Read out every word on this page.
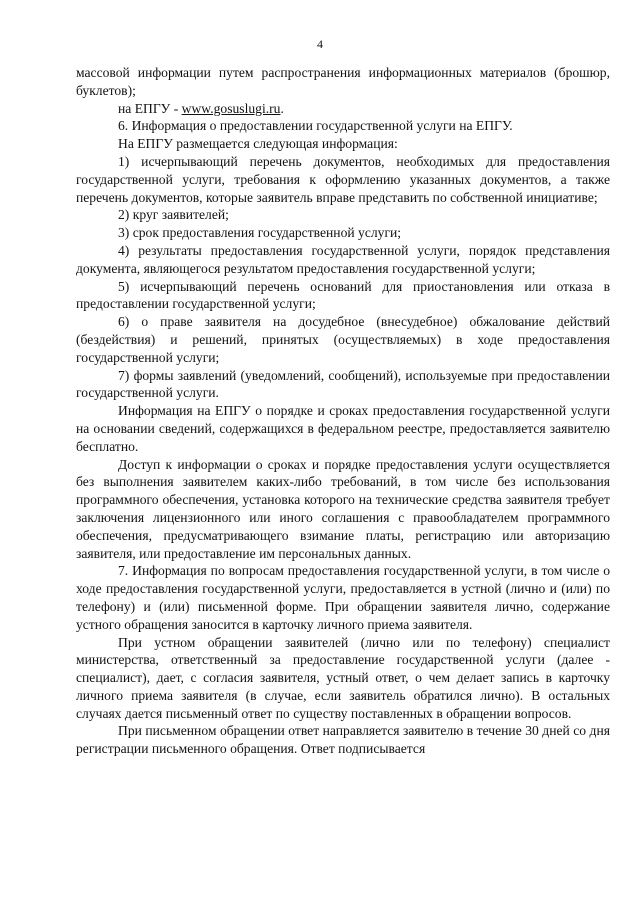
4

массовой информации путем распространения информационных материалов (брошюр, буклетов);

на ЕПГУ - www.gosuslugi.ru.

6. Информация о предоставлении государственной услуги на ЕПГУ.

На ЕПГУ размещается следующая информация:

1) исчерпывающий перечень документов, необходимых для предоставления государственной услуги, требования к оформлению указанных документов, а также перечень документов, которые заявитель вправе представить по собственной инициативе;

2) круг заявителей;

3) срок предоставления государственной услуги;

4) результаты предоставления государственной услуги, порядок представления документа, являющегося результатом предоставления государственной услуги;

5) исчерпывающий перечень оснований для приостановления или отказа в предоставлении государственной услуги;

6) о праве заявителя на досудебное (внесудебное) обжалование действий (бездействия) и решений, принятых (осуществляемых) в ходе предоставления государственной услуги;

7) формы заявлений (уведомлений, сообщений), используемые при предоставлении государственной услуги.

Информация на ЕПГУ о порядке и сроках предоставления государственной услуги на основании сведений, содержащихся в федеральном реестре, предоставляется заявителю бесплатно.

Доступ к информации о сроках и порядке предоставления услуги осуществляется без выполнения заявителем каких-либо требований, в том числе без использования программного обеспечения, установка которого на технические средства заявителя требует заключения лицензионного или иного соглашения с правообладателем программного обеспечения, предусматривающего взимание платы, регистрацию или авторизацию заявителя, или предоставление им персональных данных.

7. Информация по вопросам предоставления государственной услуги, в том числе о ходе предоставления государственной услуги, предоставляется в устной (лично и (или) по телефону) и (или) письменной форме. При обращении заявителя лично, содержание устного обращения заносится в карточку личного приема заявителя.

При устном обращении заявителей (лично или по телефону) специалист министерства, ответственный за предоставление государственной услуги (далее - специалист), дает, с согласия заявителя, устный ответ, о чем делает запись в карточку личного приема заявителя (в случае, если заявитель обратился лично). В остальных случаях дается письменный ответ по существу поставленных в обращении вопросов.

При письменном обращении ответ направляется заявителю в течение 30 дней со дня регистрации письменного обращения. Ответ подписывается
